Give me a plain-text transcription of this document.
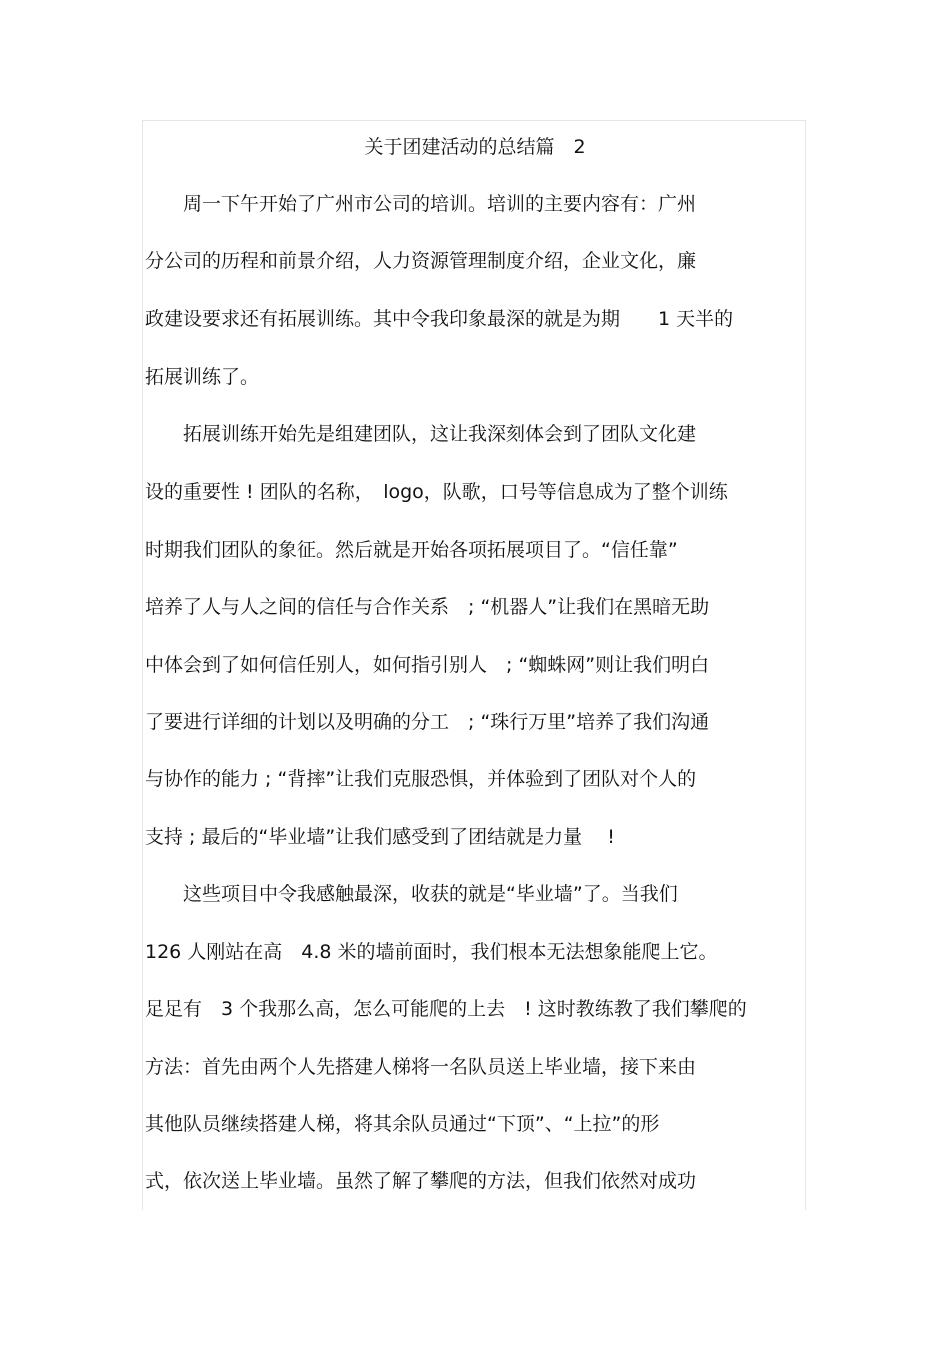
关于团建活动的总结篇　2
　　周一下午开始了广州市公司的培训。培训的主要内容有：广州
分公司的历程和前景介绍，人力资源管理制度介绍，企业文化，廉
政建设要求还有拓展训练。其中令我印象最深的就是为期　　1 天半的
拓展训练了。
　　拓展训练开始先是组建团队，这让我深刻体会到了团队文化建
设的重要性 ! 团队的名称，　logo，队歌，口号等信息成为了整个训练
时期我们团队的象征。然后就是开始各项拓展项目了。“信任靠”
培养了人与人之间的信任与合作关系　; “机器人”让我们在黑暗无助
中体会到了如何信任别人，如何指引别人　; “蜘蛛网”则让我们明白
了要进行详细的计划以及明确的分工　; “珠行万里”培养了我们沟通
与协作的能力 ; “背摔”让我们克服恐惧，并体验到了团队对个人的
支持 ; 最后的“毕业墙”让我们感受到了团结就是力量　 !
　　这些项目中令我感触最深，收获的就是“毕业墙”了。当我们
126 人刚站在高　4.8 米的墙前面时，我们根本无法想象能爬上它。
足足有　3 个我那么高，怎么可能爬的上去　! 这时教练教了我们攀爬的
方法：首先由两个人先搭建人梯将一名队员送上毕业墙，接下来由
其他队员继续搭建人梯，将其余队员通过“下顶”、“上拉”的形
式，依次送上毕业墙。虽然了解了攀爬的方法，但我们依然对成功
